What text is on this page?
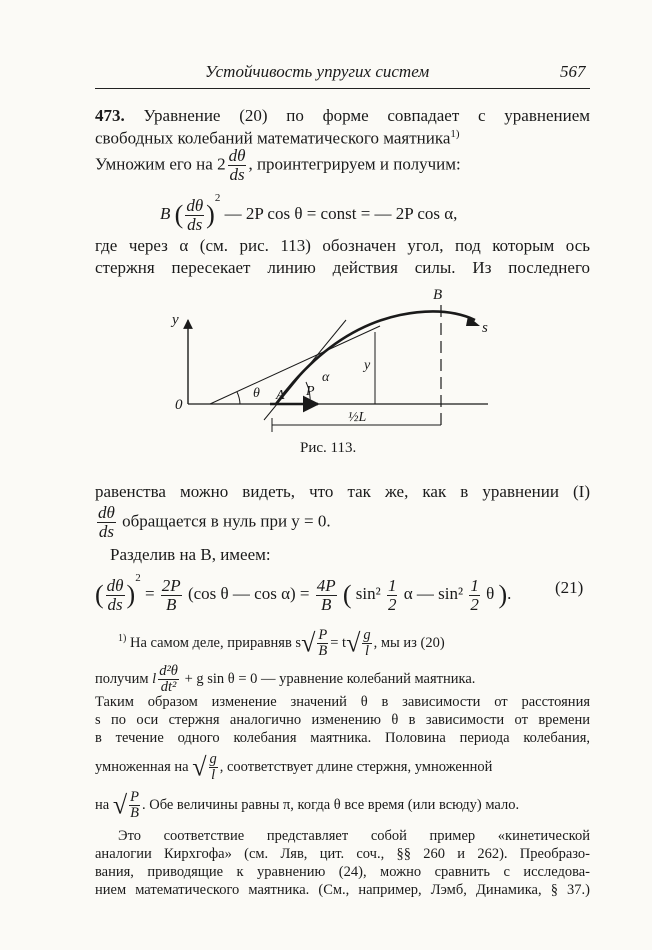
Устойчивость упругих систем	567
473. Уравнение (20) по форме совпадает с уравнением
свободных колебаний математического маятника$^{1)}$
Умножим его на $2 \frac{d\theta}{ds}$ , проинтегрируем и получим:
B ( $\frac{d\theta}{ds} )^2$ — 2P cos θ = const = — 2P cos α,
где через α (см. рис. 113) обозначен угол, под которым ось
стержня пересекает линию действия силы. Из последнего
y
0
θ A P
α
y
B
s
½L
Рис. 113.
равенства можно видеть, что так же, как в уравнении (I)
$\frac{d\theta}{ds}$ обращается в нуль при y = 0.
Разделив на B, имеем:
( $\frac{d\theta}{ds} )^2 = \frac{2P}{B} (\cos$ θ — $\cos \alpha) = \frac{4P}{B}$ ( $\sin^2 \frac{1}{2}$ α — $\sin^2 \frac{1}{2}$ θ ).	(21)
$^{1)}$ На самом деле, приравняв $s√ \frac{P}{B} = t√ \frac{g}{l}$ , мы из (20)
получим l $\frac{\text{d²θ}}{\text{dt²}} + g$ sin θ = 0 — уравнение колебаний маятника.
Таким образом изменение значений θ в зависимости от расстояния
s по оси стержня аналогично изменению θ в зависимости от времени
в течение одного колебания маятника. Половина периода колебания,
умноженная на √ $\frac{g}{l}$ , соответствует длине стержня, умноженной
на √ $\frac{P}{B}$ . Обе величины равны π, когда θ все время (или всюду) мало.
Это соответствие представляет собой пример «кинетической
аналогии Кирхгофа» (см. Ляв, цит. соч., §§ 260 и 262). Преобразо-
вания, приводящие к уравнению (24), можно сравнить с исследова-
нием математического маятника. (См., например, Лэмб, Динамика, § 37.)
